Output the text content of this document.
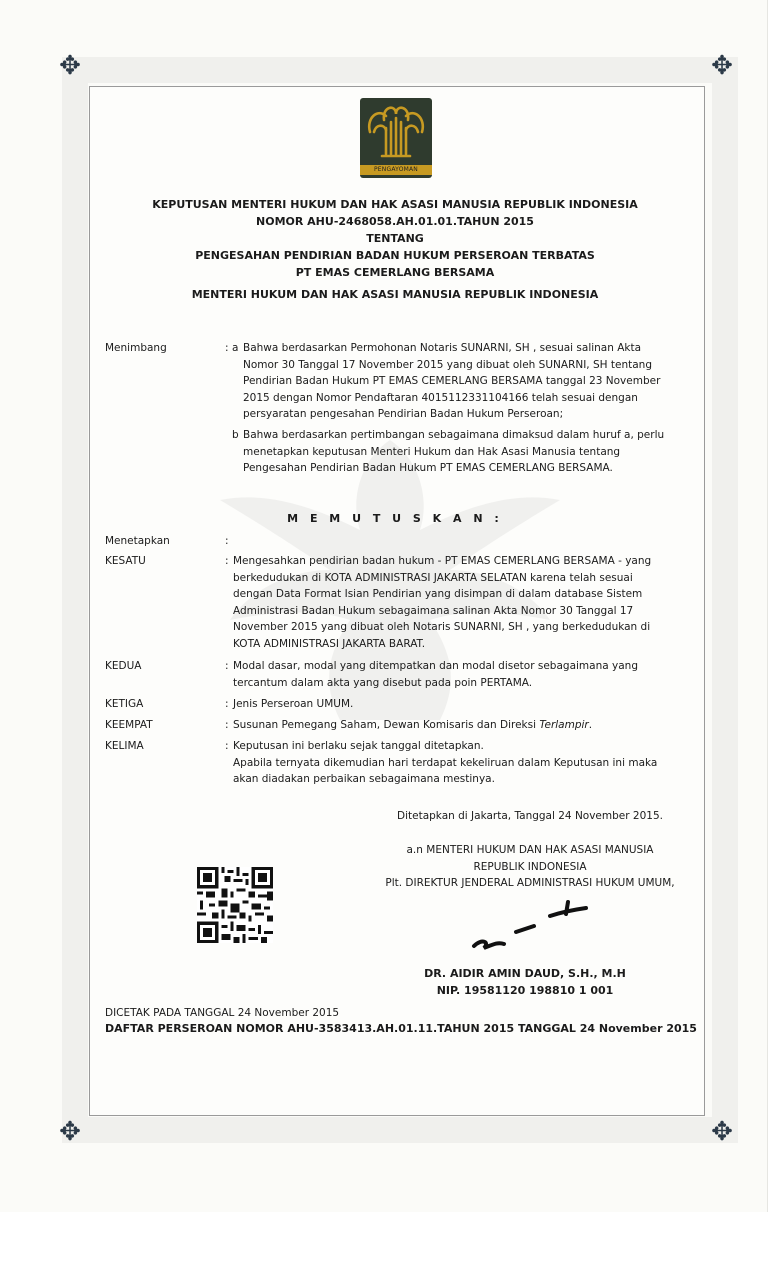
✥	✥
✥	✥
PENGAYOMAN
KEPUTUSAN MENTERI HUKUM DAN HAK ASASI MANUSIA REPUBLIK INDONESIA
NOMOR AHU-2468058.AH.01.01.TAHUN 2015
TENTANG
PENGESAHAN PENDIRIAN BADAN HUKUM PERSEROAN TERBATAS
PT EMAS CEMERLANG BERSAMA
MENTERI HUKUM DAN HAK ASASI MANUSIA REPUBLIK INDONESIA
Menimbang	: a Bahwa berdasarkan Permohonan Notaris SUNARNI, SH , sesuai salinan Akta
Nomor 30 Tanggal 17 November 2015 yang dibuat oleh SUNARNI, SH tentang
Pendirian Badan Hukum PT EMAS CEMERLANG BERSAMA tanggal 23 November
2015 dengan Nomor Pendaftaran 4015112331104166 telah sesuai dengan
persyaratan pengesahan Pendirian Badan Hukum Perseroan;
b Bahwa berdasarkan pertimbangan sebagaimana dimaksud dalam huruf a, perlu
menetapkan keputusan Menteri Hukum dan Hak Asasi Manusia tentang
Pengesahan Pendirian Badan Hukum PT EMAS CEMERLANG BERSAMA.
M E M U T U S K A N :
Menetapkan	:
KESATU	: Mengesahkan pendirian badan hukum - PT EMAS CEMERLANG BERSAMA - yang
berkedudukan di KOTA ADMINISTRASI JAKARTA SELATAN karena telah sesuai
dengan Data Format Isian Pendirian yang disimpan di dalam database Sistem
Administrasi Badan Hukum sebagaimana salinan Akta Nomor 30 Tanggal 17
November 2015 yang dibuat oleh Notaris SUNARNI, SH , yang berkedudukan di
KOTA ADMINISTRASI JAKARTA BARAT.
KEDUA	: Modal dasar, modal yang ditempatkan dan modal disetor sebagaimana yang
tercantum dalam akta yang disebut pada poin PERTAMA.
KETIGA	: Jenis Perseroan UMUM.
KEEMPAT	: Susunan Pemegang Saham, Dewan Komisaris dan Direksi Terlampir.
KELIMA	: Keputusan ini berlaku sejak tanggal ditetapkan.
Apabila ternyata dikemudian hari terdapat kekeliruan dalam Keputusan ini maka
akan diadakan perbaikan sebagaimana mestinya.
Ditetapkan di Jakarta, Tanggal 24 November 2015.
a.n MENTERI HUKUM DAN HAK ASASI MANUSIA
REPUBLIK INDONESIA
Plt. DIREKTUR JENDERAL ADMINISTRASI HUKUM UMUM,
DR. AIDIR AMIN DAUD, S.H., M.H
NIP. 19581120 198810 1 001
DICETAK PADA TANGGAL 24 November 2015
DAFTAR PERSEROAN NOMOR AHU-3583413.AH.01.11.TAHUN 2015 TANGGAL 24 November 2015
